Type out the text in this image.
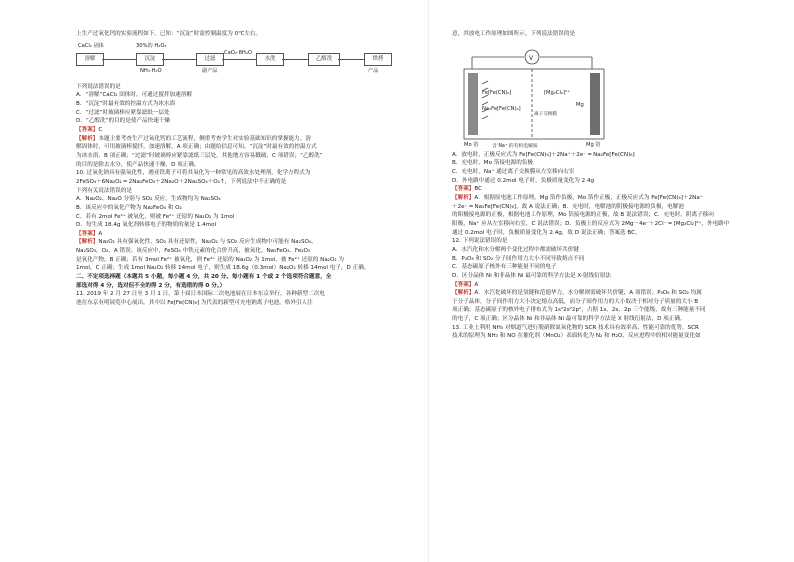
上生产过氧化钙的实验流程如下。已知：“沉淀”时需控制温度为 0℃左右。

CaCl₂ 固体	30%的 H₂O₂
溶解	沉淀
NH₃·H₂O
过滤
CaO₂·8H₂O
副产品
水洗	乙醇洗	烘烤
产品

下列说法错误的是

A．“溶解”CaCl₂ 固体时，可通过搅拌加速溶解

B．“沉淀”时最有效的控温方式为冰水浴

C．“过滤”时玻璃棒应紧靠滤纸一层处

D．“乙醇洗”的目的是使产品快速干燥

【答案】C

【解析】本题主要考查生产过氧化钙的工艺流程，侧重考查学生对实验基础知识的掌握能力。溶

解固体时，可用玻璃棒搅拌，加速溶解，A 项正确；由题给信息可知，“沉淀”时最有效的控温方式

为冰水浴，B 项正确；“过滤”时玻璃棒应紧靠滤纸三层处，其他地方容易戳破，C 项错误；“乙醇洗”

的目的是除去水分，使产品快速干燥，D 项正确。

10. 过氧化钠具有强氧化性，遇亚铁离子可将其氧化为一种常见的高效水处理剂，化学方程式为

2FeSO₄＋6Na₂O₂ ═ 2Na₂FeO₄＋2Na₂O＋2Na₂SO₄＋O₂↑，下列说法中不正确的是

下列有关说法错误的是

A．Na₂O₂、Na₂O 分别与 SO₂ 反应，生成物均为 Na₂SO₄

B．该反应中的氧化产物为 Na₂FeO₄ 和 O₂

C．若有 2mol Fe²⁺ 被氧化，则被 Fe²⁺ 还原的 Na₂O₂ 为 1mol

D．每生成 18.4g 氧化剂转移电子的物质的量是 1.4mol

【答案】A

【解析】Na₂O₂ 具有强氧化性，SO₂ 具有还原性，Na₂O₂ 与 SO₂ 反应生成物中可能有 Na₂SO₄，

Na₂SO₃，O₂，A 错误；该反应中，FeSO₄ 中铁元素的化合价升高，被氧化，Na₂FeO₄、Fe₂O₃

是氧化产物，B 正确；若有 3mol Fe²⁺ 被氧化，则 Fe²⁺ 还原的 Na₂O₂ 为 1mol，被 Fe²⁺ 还原的 Na₂O₂ 为

1mol，C 正确；生成 1mol Na₂O₂ 转移 14mol 电子，则生成 18.6g（0.3mol）Na₂O₂ 转移 14mol 电子，D 正确。

二、不定项选择题（本题共 5 小题，每小题 4 分，共 20 分。每小题有 1 个或 2 个选项符合题意，全

部选对得 4 分，选对但不全的得 2 分，有选错的得 0 分。）

11. 2019 年 2 月 27 日至 3 月 1 日，第十届日本国际二次电池展在日本东京举行，各种新型二次电

池在东京有明展览中心展出，其中以 Fe[Fe(CN)₆] 为代表的新型可充电钠离子电池，格外引人注

意，其放电工作原理如图所示。下列说法错误的是

V
Fe[Fe(CN)₆]
Na₂Fe[Fe(CN)₆]
[Mg₂Cl₂]²⁺
Mg
离子交换膜
Mo 箔	Mg 箔
含 Na⁺ 的有机电解质

A．放电时，正极反应式为 Fe[Fe(CN)₆]＋2Na⁺＋2e⁻ ═ Na₂Fe[Fe(CN)₆]

B．充电时，Mo 箔接电源的负极

C．充电时，Na⁺ 通过离子交换膜从左室移向右室

D．外电路中通过 0.2mol 电子时，负极质量变化为 2.4g

【答案】BC

【解析】A．根据原电池工作原理，Mg 箔作负极，Mo 箔作正极，正极反应式为 Fe[Fe(CN)₆]＋2Na⁺

＋2e⁻ ═ Na₂Fe[Fe(CN)₆]，故 A 说法正确；B．充电时，电解池的阴极接电源的负极，电解池

的阳极接电源的正极，根据电池工作原理，Mo 箔接电源的正极，故 B 说法错误；C．充电时，阴离子移向

阳极，Na⁺ 应从左室移向右室，C 说法错误；D．负极上的反应式为 2Mg－4e⁻＋2Cl⁻ ═ [Mg₂Cl₂]²⁺，外电路中

通过 0.2mol 电子时，负极质量变化为 2.4g，故 D 说法正确；答案选 BC。

12. 下列说法错误的是

A．水汽化和水分解两个变化过程中都需破坏共价键

B．P₄O₆ 和 SO₂ 分子间作用力大小不同导致熔点不同

C．基态碳原子核外有三种能量不同的电子

D．区分晶体 Ni 和非晶体 Ni 最可靠的科学方法是 X-射线衍射法

【答案】A

【解析】A．水汽化破坏的是氢键和范德华力，水分解则需破坏共价键，A 项错误；P₄O₆ 和 SO₂ 均属

于分子晶体，分子间作用力大小决定熔点高低，而分子间作用力的大小取决于相对分子质量的大小 B

项正确；基态碳原子的核外电子排布式为 1s²2s²2p²，占据 1s、2s、2p 三个能级，故有三种能量不同

的电子，C 项正确；区分晶体 Ni 和非晶体 Ni 最可靠的科学方法是 X 射线衍射法，D 项正确。

13. 工业上利用 NH₃ 对烟道气进行脱硝除氮氧化物的 SCR 技术具有效率高、性能可靠的优势。SCR

技术的原理为 NH₃ 和 NO 在催化剂（MnO₂）表面转化为 N₂ 和 H₂O，反应进程中的相对能量变化如
